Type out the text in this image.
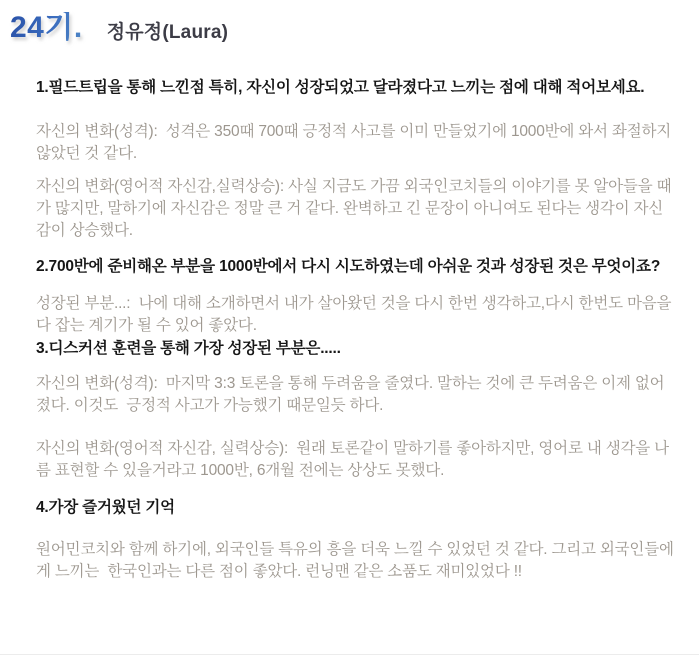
24기. 정유정(Laura)
1.필드트립을 통해 느낀점 특히, 자신이 성장되었고 달라졌다고 느끼는 점에 대해 적어보세요.

자신의 변화(성격):  성격은 350때 700때 긍정적 사고를 이미 만들었기에 1000반에 와서 좌절하지 않았던 것 같다.

자신의 변화(영어적 자신감,실력상승): 사실 지금도 가끔 외국인코치들의 이야기를 못 알아들을 때가 많지만, 말하기에 자신감은 정말 큰 거 같다. 완벽하고 긴 문장이 아니여도 된다는 생각이 자신감이 상승했다.

2.700반에 준비해온 부분을 1000반에서 다시 시도하였는데 아쉬운 것과 성장된 것은 무엇이죠?

성장된 부분...:  나에 대해 소개하면서 내가 살아왔던 것을 다시 한번 생각하고,다시 한번도 마음을 다 잡는 계기가 될 수 있어 좋았다.

3.디스커션 훈련을 통해 가장 성장된 부분은.....

자신의 변화(성격):  마지막 3:3 토론을 통해 두려움을 줄였다. 말하는 것에 큰 두려움은 이제 없어졌다. 이것도  긍정적 사고가 가능했기 때문일듯 하다.

자신의 변화(영어적 자신감, 실력상승):  원래 토론같이 말하기를 좋아하지만, 영어로 내 생각을 나름 표현할 수 있을거라고 1000반, 6개월 전에는 상상도 못했다.

4.가장 즐거웠던 기억

원어민코치와 함께 하기에, 외국인들 특유의 흥을 더욱 느낄 수 있었던 것 같다. 그리고 외국인들에게 느끼는  한국인과는 다른 점이 좋았다. 런닝맨 같은 소품도 재미있었다 !!
